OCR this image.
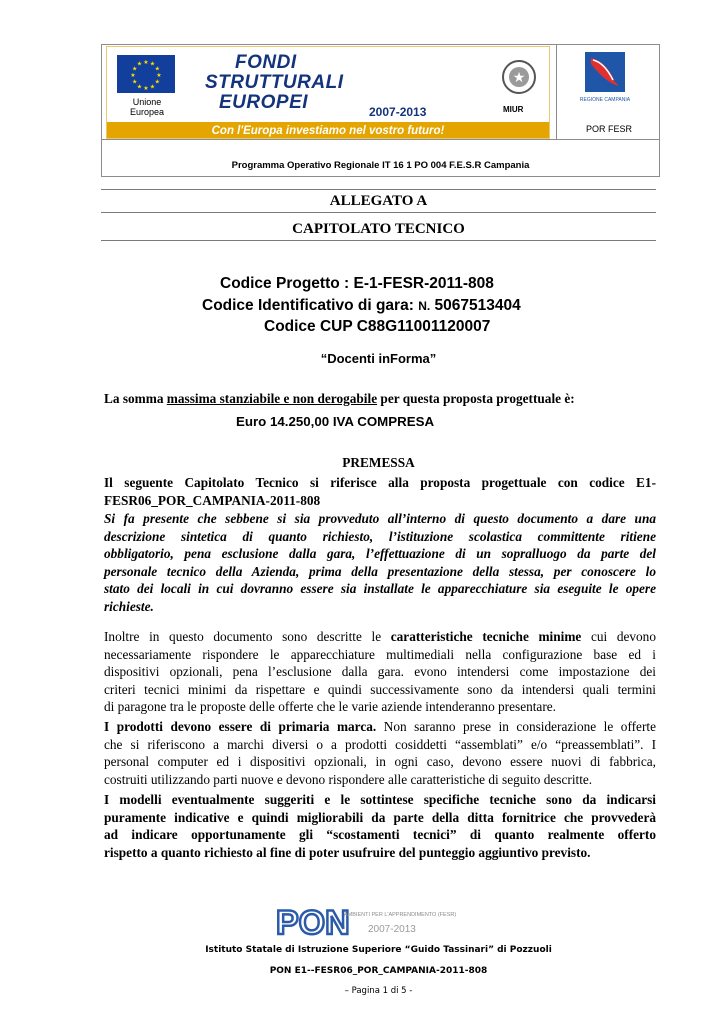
★ ★
★
★
★
★
★
★
★
★
★
★
Unione Europea
FONDI
STRUTTURALI
EUROPEI	2007-2013
★
MIUR
Con l'Europa investiamo nel vostro futuro!
REGIONE CAMPANIA
POR FESR
Programma Operativo Regionale IT 16 1 PO 004 F.E.S.R Campania
ALLEGATO A
CAPITOLATO TECNICO
Codice Progetto : E-1-FESR-2011-808
Codice Identificativo di gara: N. 5067513404
Codice CUP C88G11001120007
“Docenti inForma”
La somma massima stanziabile e non derogabile per questa proposta progettuale è:
Euro 14.250,00 IVA COMPRESA
PREMESSA
Il seguente Capitolato Tecnico si riferisce alla proposta progettuale con codice E1-
FESR06_POR_CAMPANIA-2011-808
Si fa presente che sebbene si sia provveduto all’interno di questo documento a dare una
descrizione sintetica di quanto richiesto, l’istituzione scolastica committente ritiene
obbligatorio, pena esclusione dalla gara, l’effettuazione di un sopralluogo da parte del
personale tecnico della Azienda, prima della presentazione della stessa, per conoscere lo
stato dei locali in cui dovranno essere sia installate le apparecchiature sia eseguite le opere
richieste.
Inoltre in questo documento sono descritte le caratteristiche tecniche minime cui devono
necessariamente rispondere le apparecchiature multimediali nella configurazione base ed i
dispositivi opzionali, pena l’esclusione dalla gara. evono intendersi come impostazione dei
criteri tecnici minimi da rispettare e quindi successivamente sono da intendersi quali termini
di paragone tra le proposte delle offerte che le varie aziende intenderanno presentare.
I prodotti devono essere di primaria marca. Non saranno prese in considerazione le offerte
che si riferiscono a marchi diversi o a prodotti cosiddetti “assemblati” e/o “preassemblati”. I
personal computer ed i dispositivi opzionali, in ogni caso, devono essere nuovi di fabbrica,
costruiti utilizzando parti nuove e devono rispondere alle caratteristiche di seguito descritte.
I modelli eventualmente suggeriti e le sottintese specifiche tecniche sono da indicarsi
puramente indicative e quindi migliorabili da parte della ditta fornitrice che provvederà
ad indicare opportunamente gli “scostamenti tecnici” di quanto realmente offerto
rispetto a quanto richiesto al fine di poter usufruire del punteggio aggiuntivo previsto.
PON
AMBIENTI PER L'APPRENDIMENTO (FESR)
2007-2013
Istituto Statale di Istruzione Superiore “Guido Tassinari” di Pozzuoli
PON E1--FESR06_POR_CAMPANIA-2011-808
– Pagina 1 di 5 -
